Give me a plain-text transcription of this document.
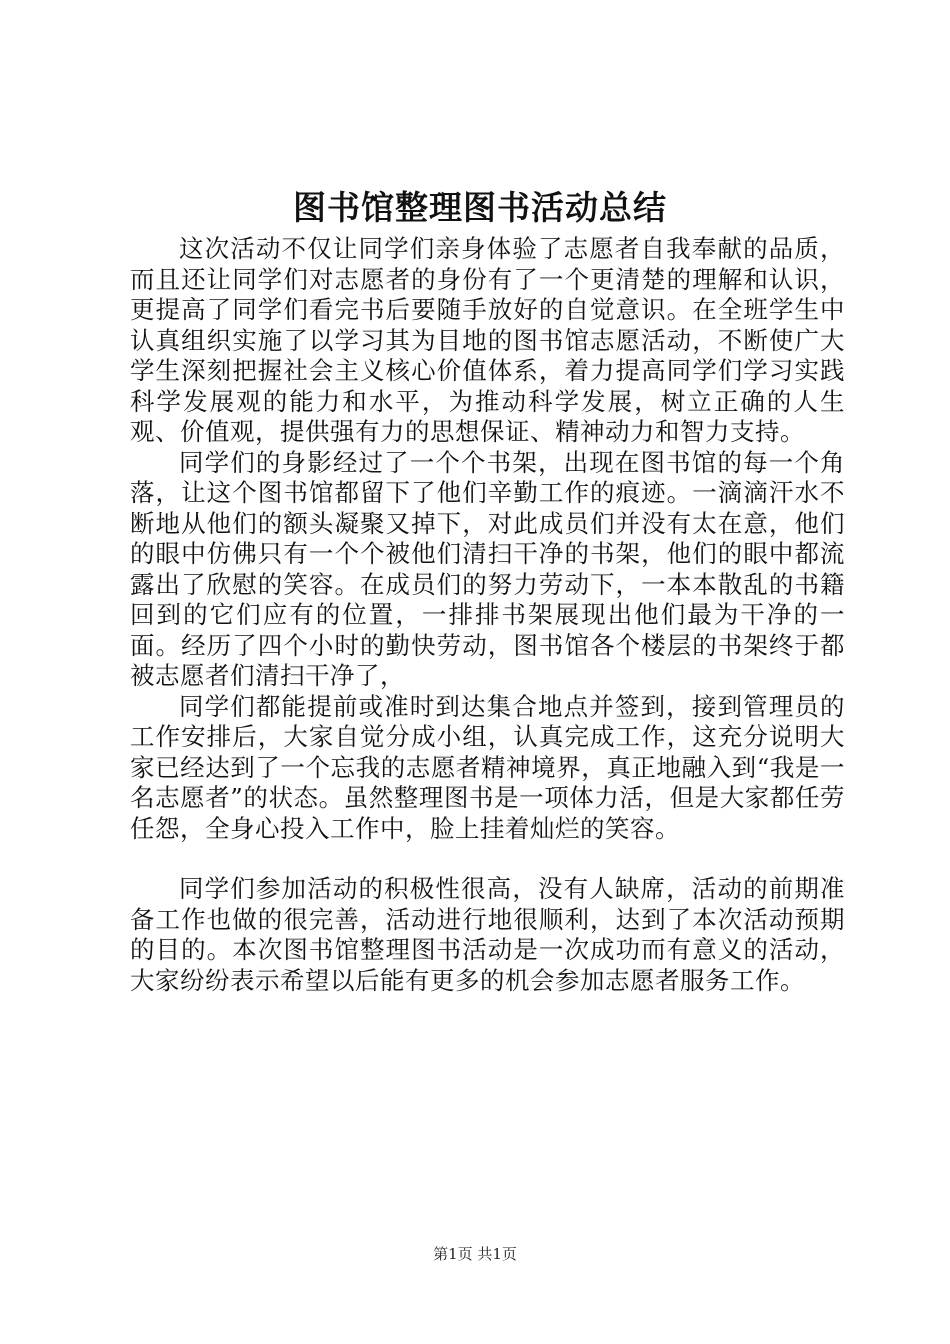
图书馆整理图书活动总结

这次活动不仅让同学们亲身体验了志愿者自我奉献的品质，而且还让同学们对志愿者的身份有了一个更清楚的理解和认识，更提高了同学们看完书后要随手放好的自觉意识。在全班学生中认真组织实施了以学习其为目地的图书馆志愿活动，不断使广大学生深刻把握社会主义核心价值体系，着力提高同学们学习实践科学发展观的能力和水平，为推动科学发展，树立正确的人生观、价值观，提供强有力的思想保证、精神动力和智力支持。

同学们的身影经过了一个个书架，出现在图书馆的每一个角落，让这个图书馆都留下了他们辛勤工作的痕迹。一滴滴汗水不断地从他们的额头凝聚又掉下，对此成员们并没有太在意，他们的眼中仿佛只有一个个被他们清扫干净的书架，他们的眼中都流露出了欣慰的笑容。在成员们的努力劳动下，一本本散乱的书籍回到的它们应有的位置，一排排书架展现出他们最为干净的一面。经历了四个小时的勤快劳动，图书馆各个楼层的书架终于都被志愿者们清扫干净了，

同学们都能提前或准时到达集合地点并签到，接到管理员的工作安排后，大家自觉分成小组，认真完成工作，这充分说明大家已经达到了一个忘我的志愿者精神境界，真正地融入到“我是一名志愿者”的状态。虽然整理图书是一项体力活，但是大家都任劳任怨，全身心投入工作中，脸上挂着灿烂的笑容。

同学们参加活动的积极性很高，没有人缺席，活动的前期准备工作也做的很完善，活动进行地很顺利，达到了本次活动预期的目的。本次图书馆整理图书活动是一次成功而有意义的活动，大家纷纷表示希望以后能有更多的机会参加志愿者服务工作。

第1页 共1页
